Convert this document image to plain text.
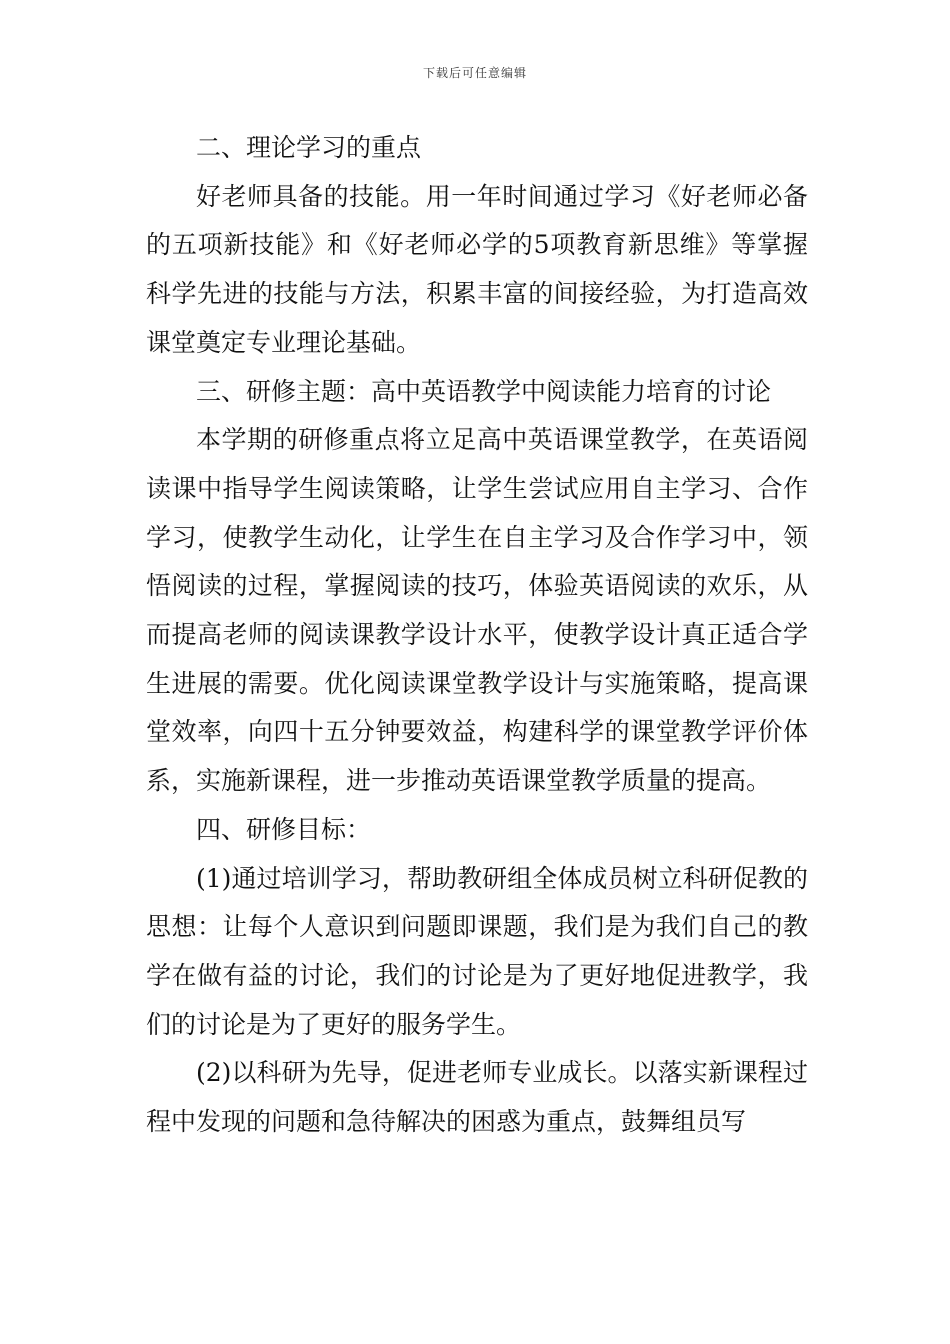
下载后可任意编辑

二、理论学习的重点

好老师具备的技能。用一年时间通过学习《好老师必备的五项新技能》和《好老师必学的5项教育新思维》等掌握科学先进的技能与方法，积累丰富的间接经验，为打造高效课堂奠定专业理论基础。

三、研修主题：高中英语教学中阅读能力培育的讨论

本学期的研修重点将立足高中英语课堂教学，在英语阅读课中指导学生阅读策略，让学生尝试应用自主学习、合作学习，使教学生动化，让学生在自主学习及合作学习中，领悟阅读的过程，掌握阅读的技巧，体验英语阅读的欢乐，从而提高老师的阅读课教学设计水平，使教学设计真正适合学生进展的需要。优化阅读课堂教学设计与实施策略，提高课堂效率，向四十五分钟要效益，构建科学的课堂教学评价体系，实施新课程，进一步推动英语课堂教学质量的提高。

四、研修目标：

(1)通过培训学习，帮助教研组全体成员树立科研促教的思想：让每个人意识到问题即课题，我们是为我们自己的教学在做有益的讨论，我们的讨论是为了更好地促进教学，我们的讨论是为了更好的服务学生。

(2)以科研为先导，促进老师专业成长。以落实新课程过程中发现的问题和急待解决的困惑为重点，鼓舞组员写
